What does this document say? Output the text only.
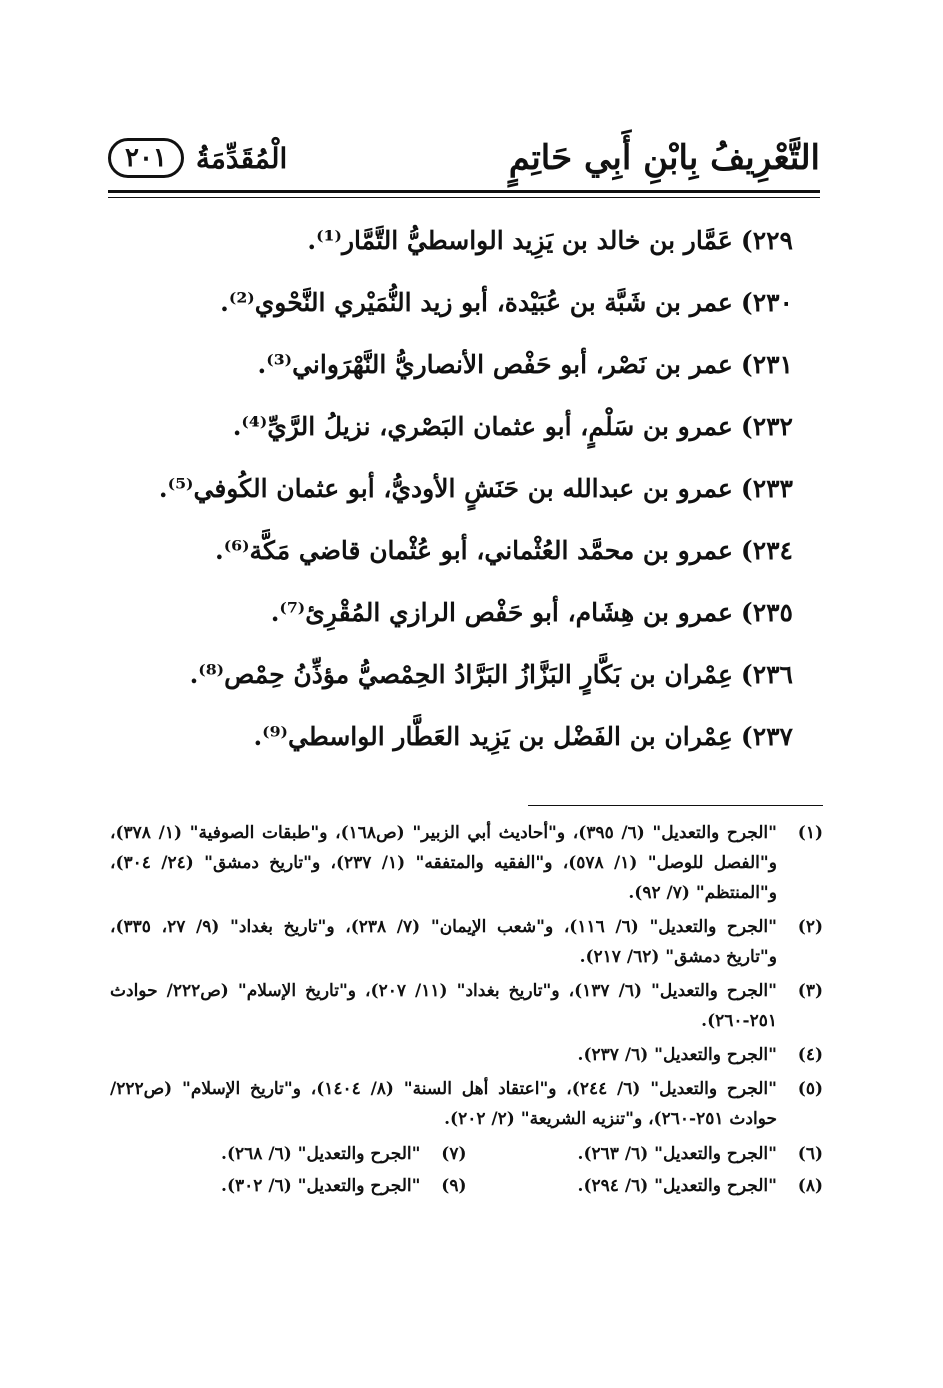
التَّعْرِيفُ بِابْنِ أَبِي حَاتِمٍ
الْمُقَدِّمَةُ
٢٠١
٢٢٩)عَمَّار بن خالد بن يَزِيد الواسطيُّ التَّمَّار⁽¹⁾.
٢٣٠)عمر بن شَبَّة بن عُبَيْدة، أبو زيد النُّمَيْري النَّحْوي⁽²⁾.
٢٣١)عمر بن نَصْر، أبو حَفْص الأنصاريُّ النَّهْرَواني⁽³⁾.
٢٣٢)عمرو بن سَلْمٍ، أبو عثمان البَصْري، نزيلُ الرَّيِّ⁽⁴⁾.
٢٣٣)عمرو بن عبدالله بن حَنَشٍ الأوديُّ، أبو عثمان الكُوفي⁽⁵⁾.
٢٣٤)عمرو بن محمَّد العُثْماني، أبو عُثْمان قاضي مَكَّة⁽⁶⁾.
٢٣٥)عمرو بن هِشَام، أبو حَفْص الرازي المُقْرِئ⁽⁷⁾.
٢٣٦)عِمْران بن بَكَّارٍ البَزَّازُ البَرَّادُ الحِمْصيُّ مؤذِّنُ حِمْص⁽⁸⁾.
٢٣٧)عِمْران بن الفَضْل بن يَزِيد العَطَّار الواسطي⁽⁹⁾.
(١)
"الجرح والتعديل" (٦/ ٣٩٥)، و"أحاديث أبي الزبير" (ص١٦٨)، و"طبقات الصوفية" (١/ ٣٧٨)، و"الفصل للوصل" (١/ ٥٧٨)، و"الفقيه والمتفقه" (١/ ٢٣٧)، و"تاريخ دمشق" (٢٤/ ٣٠٤)، و"المنتظم" (٧/ ٩٢).
(٢)
"الجرح والتعديل" (٦/ ١١٦)، و"شعب الإيمان" (٧/ ٢٣٨)، و"تاريخ بغداد" (٩/ ٢٧، ٣٣٥)، و"تاريخ دمشق" (٦٢/ ٢١٧).
(٣)
"الجرح والتعديل" (٦/ ١٣٧)، و"تاريخ بغداد" (١١/ ٢٠٧)، و"تاريخ الإسلام" (ص٢٢٢/ حوادث ٢٥١-٢٦٠).
(٤)
"الجرح والتعديل" (٦/ ٢٣٧).
(٥)
"الجرح والتعديل" (٦/ ٢٤٤)، و"اعتقاد أهل السنة" (٨/ ١٤٠٤)، و"تاريخ الإسلام" (ص٢٢٢/ حوادث ٢٥١-٢٦٠)، و"تنزيه الشريعة" (٢/ ٢٠٢).
(٦)
"الجرح والتعديل" (٦/ ٢٦٣).
(٧)
"الجرح والتعديل" (٦/ ٢٦٨).
(٨)
"الجرح والتعديل" (٦/ ٢٩٤).
(٩)
"الجرح والتعديل" (٦/ ٣٠٢).
